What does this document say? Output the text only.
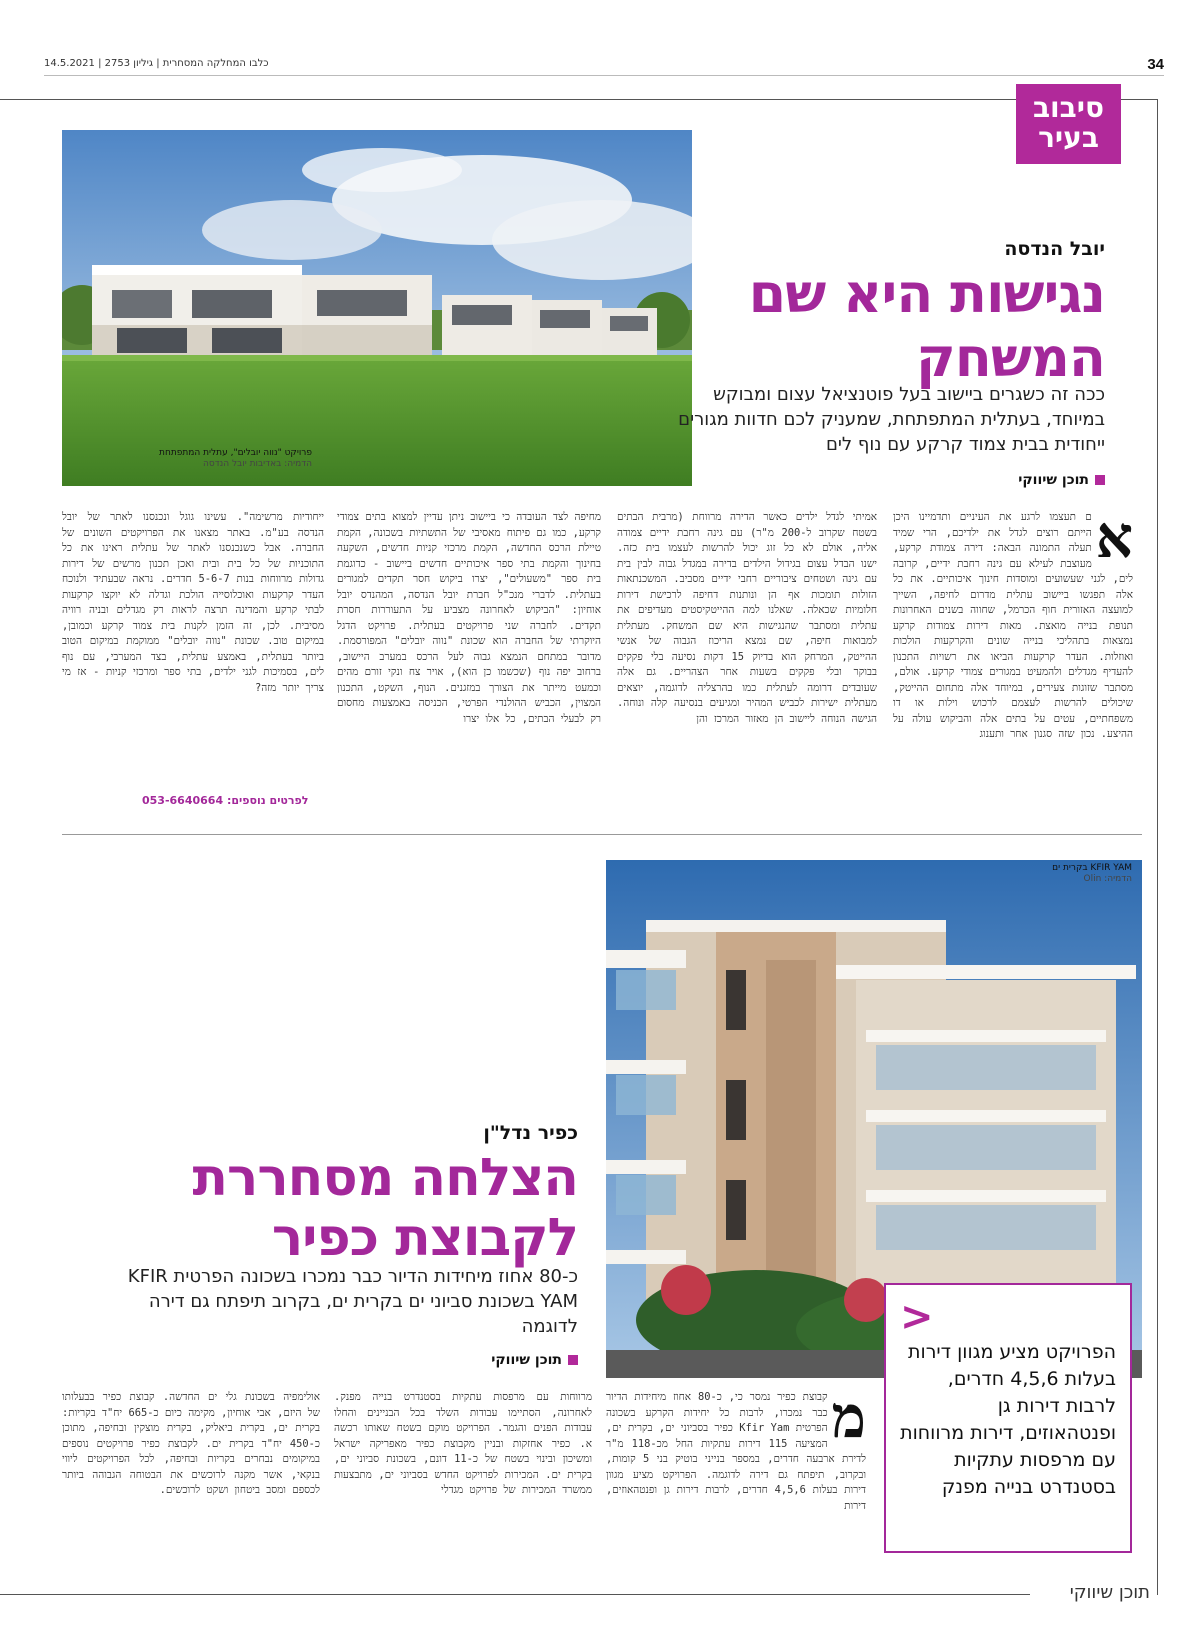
34
כלבו המחלקה המסחרית | גיליון 2753 | 14.5.2021
סיבוב
בעיר
פרויקט "נווה יובלים", עתלית המתפתחת
הדמיה: באדיבות יובל הנדסה
יובל הנדסה
נגישות היא שם
המשחק
ככה זה כשגרים ביישוב בעל פוטנציאל עצום ומבוקש במיוחד, בעתלית המתפתחת, שמעניק לכם חדוות מגורים ייחודית בבית צמוד קרקע עם נוף לים
תוכן שיווקי
א
ם תעצמו לרגע את העיניים ותדמיינו היכן הייתם רוצים לגדל את ילדיכם, הרי שמיד תעלה התמונה הבאה: דירה צמודת קרקע, מעוצבת לעילא עם גינה רחבת ידיים, קרובה לים, לגני שעשועים ומוסדות חינוך איכותיים. את כל אלה תפגשו ביישוב עתלית מדרום לחיפה, השייך למועצה האזורית חוף הכרמל, שחווה בשנים האחרונות תנופת בנייה מואצת. מאות דירות צמודות קרקע נמצאות בתהליכי בנייה שונים והקרקעות הולכות ואוזלות. העדר קרקעות הביאו את רשויות התכנון להעדיף מגדלים ולהמעיט במגורים צמודי קרקע. אולם, מסתבר שזוגות צעירים, במיוחד אלה מתחום ההייטק, שיכולים להרשות לעצמם לרכוש וילות או דו משפחתיים, עטים על בתים אלה והביקוש עולה על ההיצע. נכון שזה סגנון אחר ותענוג
אמיתי לגדל ילדים כאשר הדירה מרווחת (מרבית הבתים בשטח שקרוב ל-200 מ"ר) עם גינה רחבת ידיים צמודה אליה, אולם לא כל זוג יכול להרשות לעצמו בית כזה. ישנו הבדל עצום בגידול הילדים בדירה במגדל גבוה לבין בית עם גינה ושטחים ציבוריים רחבי ידיים מסביב. המשכנתאות הזולות תומכות אף הן ונותנות דחיפה לרכישת דירות חלומיות שכאלה. שאלנו למה ההייטקיסטים מעדיפים את עתלית ומסתבר שהנגישות היא שם המשחק. מעתלית למבואות חיפה, שם נמצא הריכוז הגבוה של אנשי ההייטק, המרחק הוא בדיוק 15 דקות נסיעה בלי פקקים בבוקר ובלי פקקים בשעות אחר הצהריים. גם אלה שעובדים דרומה לעתלית כמו בהרצליה לדוגמה, יוצאים מעתלית ישירות לכביש המהיר ומגיעים בנסיעה קלה ונוחה. הגישה הנוחה ליישוב הן מאזור המרכז והן
מחיפה לצד העובדה כי ביישוב ניתן עדיין למצוא בתים צמודי קרקע, כמו גם פיתוח מאסיבי של התשתיות בשכונה, הקמת טיילת הרכס החדשה, הקמת מרכזי קניות חדשים, השקעה בחינוך והקמת בתי ספר איכותיים חדשים ביישוב - כדוגמת בית ספר "משעולים", יצרו ביקוש חסר תקדים למגורים בעתלית. לדברי מנכ"ל חברת יובל הנדסה, המהנדס יובל אוחיון: "הביקוש לאחרונה מצביע על התעוררות חסרת תקדים. לחברה שני פרויקטים בעתלית. פרויקט הדגל היוקרתי של החברה הוא שכונת "נווה יובלים" המפורסמת. מדובר במתחם הנמצא גבוה לעל הרכס במערב היישוב, ברחוב יפה נוף (שכשמו כן הוא), אויר צח ונקי זורם מהים וכמעט מייתר את הצורך במזגנים. הנוף, השקט, התכנון המצוין, הכביש ההולנדי הפרטי, הכניסה באמצעות מחסום רק לבעלי הבתים, כל אלו יצרו
ייחודיות מרשימה". עשינו גוגל ונכנסנו לאתר של יובל הנדסה בע"מ. באתר מצאנו את הפרויקטים השונים של החברה. אבל כשנכנסנו לאתר של עתלית ראינו את כל התוכניות של כל בית ובית ואכן תכנון מרשים של דירות גדולות מרווחות בנות 5-6-7 חדרים. נראה שבעתיד ולנוכח העדר קרקעות ואוכלוסייה הולכת וגדלה לא יוקצו קרקעות לבתי קרקע והמדינה תרצה לראות רק מגדלים ובניה רוויה מסיבית. לכן, זה הזמן לקנות בית צמוד קרקע וכמובן, במיקום טוב. שכונת "נווה יובלים" ממוקמת במיקום הטוב ביותר בעתלית, באמצע עתלית, בצד המערבי, עם נוף לים, בסמיכות לגני ילדים, בתי ספר ומרכזי קניות - אז מי צריך יותר מזה?
לפרטים נוספים: 053-6640664
KFIR YAM בקרית ים
הדמיה: Olin
כפיר נדל"ן
הצלחה מסחררת
לקבוצת כפיר
כ-80 אחוז מיחידות הדיור כבר נמכרו בשכונה הפרטית KFIR YAM בשכונת סביוני ים בקרית ים, בקרוב תיפתח גם דירה לדוגמה
תוכן שיווקי
מ
קבוצת כפיר נמסר כי, כ-80 אחוז מיחידות הדיור כבר נמכרו, לרבות כל יחידות הקרקע בשכונה הפרטית Kfir Yam כפיר בסביוני ים, בקרית ים, המציעה 115 דירות עתקיות החל מכ-118 מ"ר לדירת ארבעה חדרים, במספר בנייני בוטיק בני 5 קומות, ובקרוב, תיפתח גם דירה לדוגמה. הפרויקט מציע מגוון דירות בעלות 4,5,6 חדרים, לרבות דירות גן ופנטהאוזים, דירות
מרווחות עם מרפסות עתקיות בסטנדרט בנייה מפנק. לאחרונה, הסתיימו עבודות השלד בכל הבניינים והחלו עבודות הפנים והגמר. הפרויקט מוקם בשטח שאותו רכשה א. כפיר אחזקות ובניין מקבוצת כפיר מאפריקה ישראל ומשיכון ובינוי בשטח של כ-11 דונם, בשכונת סביוני ים, בקרית ים. המכירות לפרויקט החדש בסביוני ים, מתבצעות ממשרד המכירות של פרויקט מגדלי
אולימפיה בשכונת גלי ים החדשה. קבוצת כפיר בבעלותו של היזם, אבי אוחיון, מקימה כיום כ-665 יח"ד בקריות: בקרית ים, בקרית ביאליק, בקרית מוצקין ובחיפה, מתוכן כ-450 יח"ד בקרית ים. לקבוצת כפיר פרויקטים נוספים במיקומים נבחרים בקריות ובחיפה, לכל הפרויקטים ליווי בנקאי, אשר מקנה לרוכשים את הבטוחה הגבוהה ביותר לכספם ומסב ביטחון ושקט לרוכשים.
<
הפרויקט מציע מגוון דירות בעלות 4,5,6 חדרים, לרבות דירות גן ופנטהאוזים, דירות מרווחות עם מרפסות עתקיות בסטנדרט בנייה מפנק
תוכן שיווקי
